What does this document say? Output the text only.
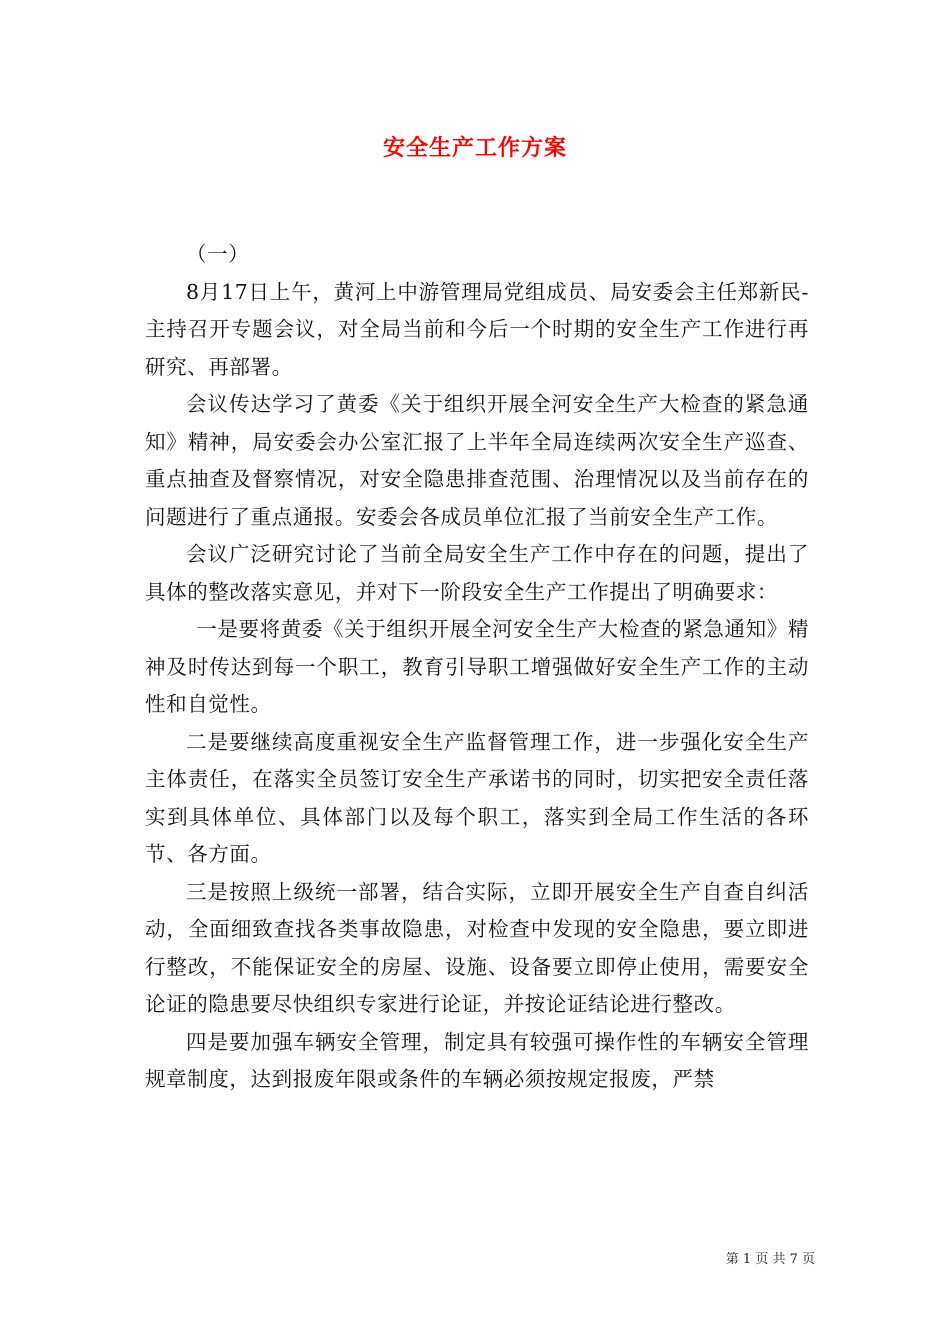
安全生产工作方案

（一）

8月17日上午，黄河上中游管理局党组成员、局安委会主任郑新民-主持召开专题会议，对全局当前和今后一个时期的安全生产工作进行再研究、再部署。

会议传达学习了黄委《关于组织开展全河安全生产大检查的紧急通知》精神，局安委会办公室汇报了上半年全局连续两次安全生产巡查、重点抽查及督察情况，对安全隐患排查范围、治理情况以及当前存在的问题进行了重点通报。安委会各成员单位汇报了当前安全生产工作。

会议广泛研究讨论了当前全局安全生产工作中存在的问题，提出了具体的整改落实意见，并对下一阶段安全生产工作提出了明确要求：

一是要将黄委《关于组织开展全河安全生产大检查的紧急通知》精神及时传达到每一个职工，教育引导职工增强做好安全生产工作的主动性和自觉性。

二是要继续高度重视安全生产监督管理工作，进一步强化安全生产主体责任，在落实全员签订安全生产承诺书的同时，切实把安全责任落实到具体单位、具体部门以及每个职工，落实到全局工作生活的各环节、各方面。

三是按照上级统一部署，结合实际，立即开展安全生产自查自纠活动，全面细致查找各类事故隐患，对检查中发现的安全隐患，要立即进行整改，不能保证安全的房屋、设施、设备要立即停止使用，需要安全论证的隐患要尽快组织专家进行论证，并按论证结论进行整改。

四是要加强车辆安全管理，制定具有较强可操作性的车辆安全管理规章制度，达到报废年限或条件的车辆必须按规定报废，严禁

第 1 页 共 7 页
